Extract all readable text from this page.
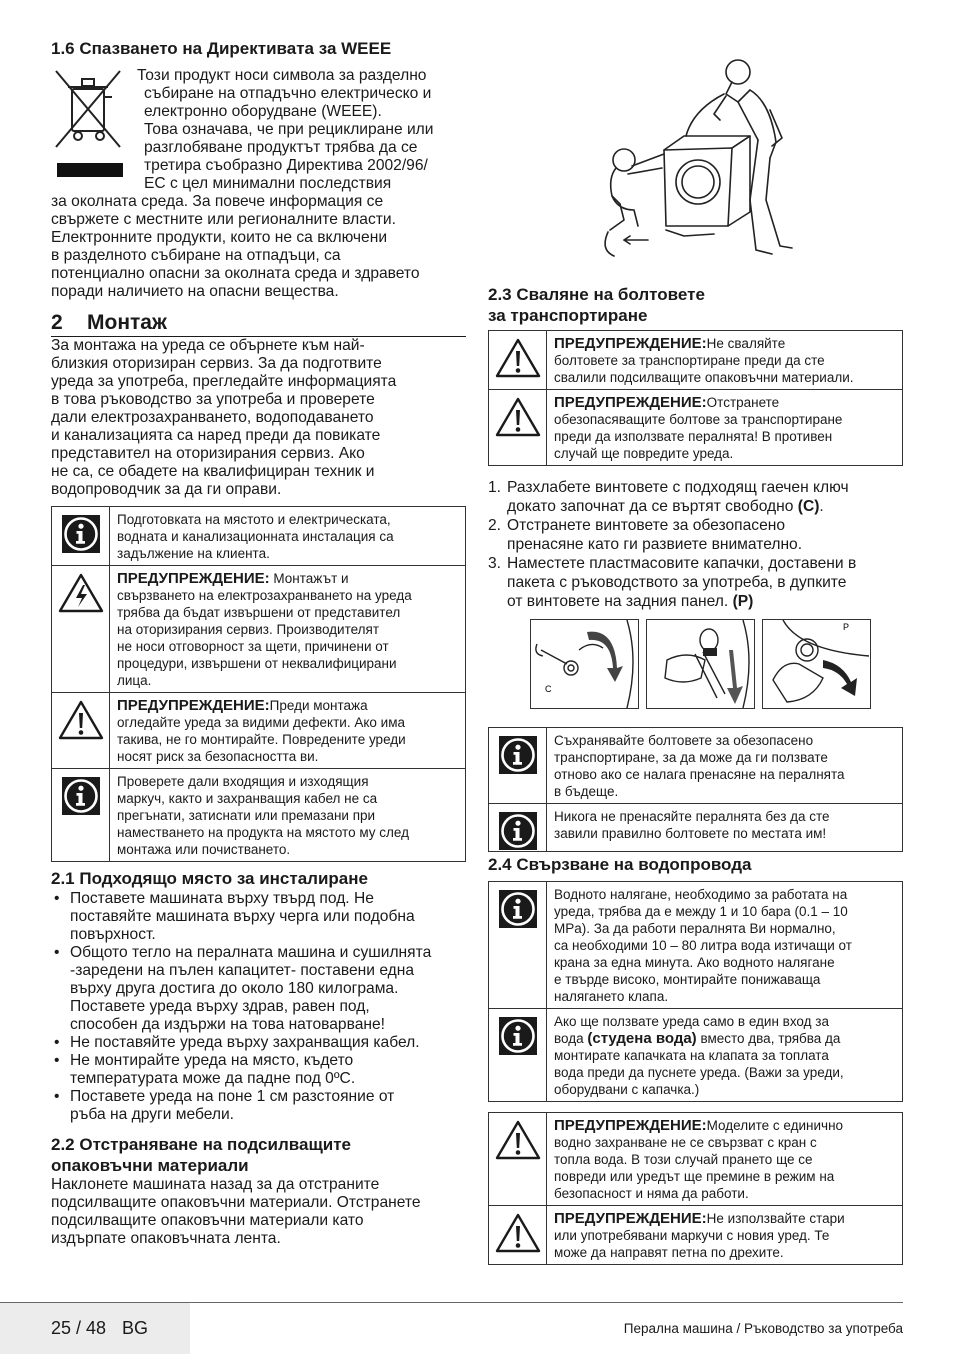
1.6 Спазването на Директивата за WEEE
Този продукт носи символа за разделно
събиране на отпадъчно електрическо и
електронно оборудване (WEEE).
Това означава, че при рециклиране или
разглобяване продуктът трябва да се
третира съобразно Директива 2002/96/
ЕС с цел минимални последствия
за околната среда. За повече информация се
свържете с местните или регионалните власти.
Електронните продукти, които не са включени
в разделното събиране на отпадъци, са
потенциално опасни за околната среда и здравето
поради наличието на опасни вещества.
2 Монтаж
За монтажа на уреда се обърнете към най-
близкия оторизиран сервиз. За да подготвите
уреда за употреба, прегледайте информацията
в това ръководство за употреба и проверете
дали електрозахранването, водоподаването
и канализацията са наред преди да повикате
представител на оторизирания сервиз. Ако
не са, се обадете на квалифициран техник и
водопроводчик за да ги оправи.
Подготовката на мястото и електрическата,
водната и канализационната инсталация са
задължение на клиента.
ПРЕДУПРЕЖДЕНИЕ: Монтажът и
свързването на електрозахранването на уреда
трябва да бъдат извършени от представител
на оторизирания сервиз. Производителят
не носи отговорност за щети, причинени от
процедури, извършени от неквалифицирани
лица.
ПРЕДУПРЕЖДЕНИЕ:Преди монтажа
огледайте уреда за видими дефекти. Ако има
такива, не го монтирайте. Повредените уреди
носят риск за безопасността ви.
Проверете дали входящия и изходящия
маркуч, както и захранващия кабел не са
прегънати, затиснати или премазани при
наместването на продукта на мястото му след
монтажа или почистването.
2.1 Подходящо място за инсталиране
• Поставете машината върху твърд под. Не
поставяйте машината върху черга или подобна
повърхност.
• Общото тегло на пералната машина и сушилнята
-заредени на пълен капацитет- поставени една
върху друга достига до около 180 килограма.
Поставете уреда върху здрав, равен под,
способен да издържи на това натоварване!
• Не поставяйте уреда върху захранващия кабел.
• Не монтирайте уреда на място, където
температурата може да падне под 0ºC.
• Поставете уреда на поне 1 см разстояние от
ръба на други мебели.
2.2 Отстраняване на подсилващите
опаковъчни материали
Наклонете машината назад за да отстраните
подсилващите опаковъчни материали. Отстранете
подсилващите опаковъчни материали като
издърпате опаковъчната лента.
2.3 Сваляне на болтовете
за транспортиране
ПРЕДУПРЕЖДЕНИЕ:Не сваляйте
болтовете за транспортиране преди да сте
свалили подсилващите опаковъчни материали.
ПРЕДУПРЕЖДЕНИЕ:Отстранете
обезопасяващите болтове за транспортиране
преди да използвате пералнята! В противен
случай ще повредите уреда.
1. Разхлабете винтовете с подходящ гаечен ключ
докато започнат да се въртят свободно (C).
2. Отстранете винтовете за обезопасено
пренасяне като ги развиете внимателно.
3. Наместете пластмасовите капачки, доставени в
пакета с ръководството за употреба, в дупките
от винтовете на задния панел. (P)
C
P
Съхранявайте болтовете за обезопасено
транспортиране, за да може да ги ползвате
отново ако се налага пренасяне на пералнята
в бъдеще.
Никога не пренасяйте пералнята без да сте
завили правилно болтовете по местата им!
2.4 Свързване на водопровода
Водното налягане, необходимо за работата на
уреда, трябва да е между 1 и 10 бара (0.1 – 10
MPa). За да работи пералнята Ви нормално,
са необходими 10 – 80 литра вода изтичащи от
крана за една минута. Ако водното налягане
е твърде високо, монтирайте понижаваща
налягането клапа.
Ако ще ползвате уреда само в един вход за
вода (студена вода) вместо два, трябва да
монтирате капачката на клапата за топлата
вода преди да пуснете уреда. (Важи за уреди,
оборудвани с капачка.)
ПРЕДУПРЕЖДЕНИЕ:Моделите с единично
водно захранване не се свързват с кран с
топла вода. В този случай прането ще се
повреди или уредът ще премине в режим на
безопасност и няма да работи.
ПРЕДУПРЕЖДЕНИЕ:Не използвайте стари
или употребявани маркучи с новия уред. Те
може да направят петна по дрехите.
25 / 48 BG	Перална машина / Ръководство за употреба
